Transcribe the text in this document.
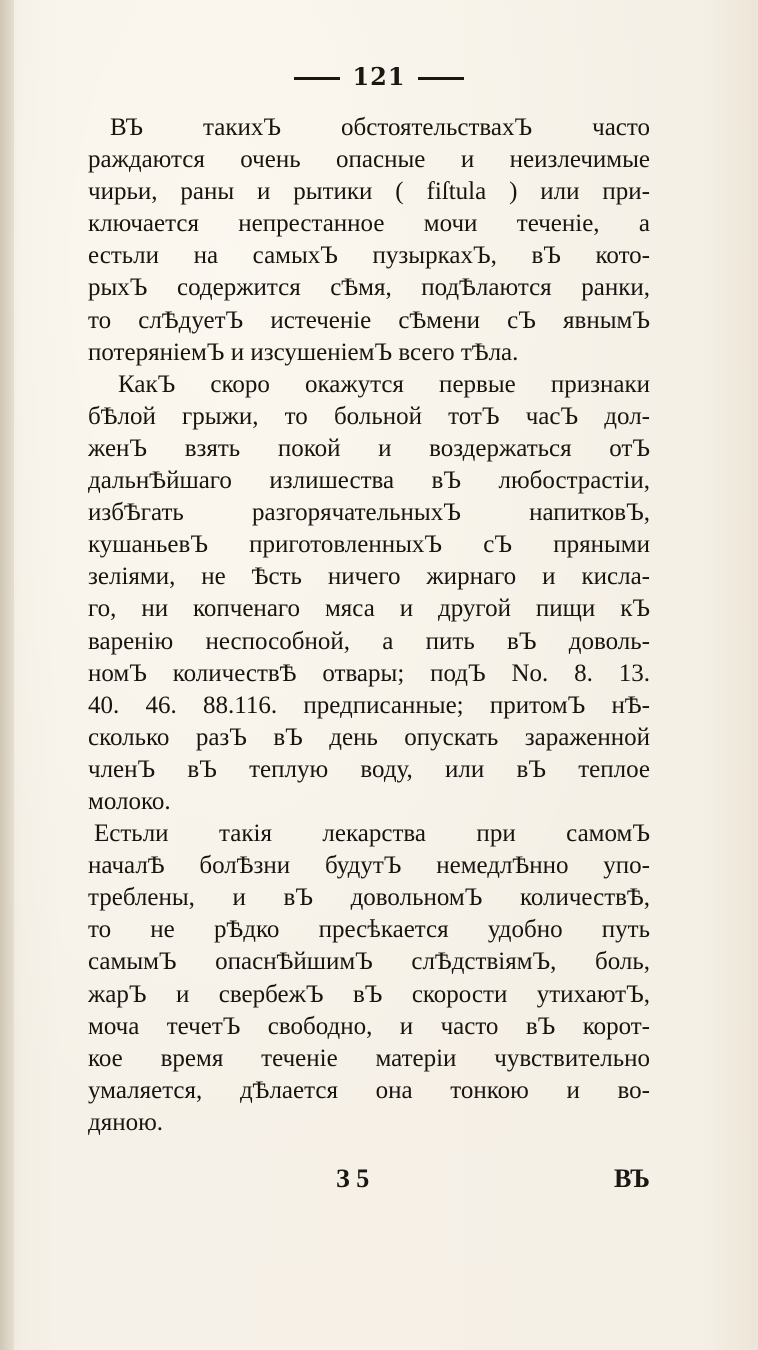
121
ВЪ такихЪ обстоятельствахЪ часто
раждаются очень опасные и неизлечимые
чирьи, раны и рытики ( fiſtula ) или при-
ключается непрестанное мочи теченіе, а
естьли на самыхЪ пузыркахЪ, вЪ кото-
рыхЪ содержится сѢмя, подѢлаются ранки,
то слѢдуетЪ истеченіе сѢмени сЪ явнымЪ
потеряніемЪ и изсушеніемЪ всего тѢла.
КакЪ скоро окажутся первые признаки
бѢлой грыжи, то больной тотЪ часЪ дол-
женЪ взять покой и воздержаться отЪ
дальнѢйшаго излишества вЪ любострастіи,
избѢгать разгорячательныхЪ напитковЪ,
кушаньевЪ приготовленныхЪ сЪ пряными
зеліями, не Ѣсть ничего жирнаго и кисла-
го, ни копченаго мяса и другой пищи кЪ
варенію неспособной, а пить вЪ доволь-
номЪ количествѢ отвары; подЪ No. 8. 13.
40. 46. 88.116. предписанные; притомЪ нѢ-
сколько разЪ вЪ день опускать зараженной
членЪ вЪ теплую воду, или вЪ теплое
молоко.
Естьли такія лекарства при самомЪ
началѢ болѢзни будутЪ немедлѢнно упо-
треблены, и вЪ довольномЪ количествѢ,
то не рѢдко пресѣкается удобно путь
самымЪ опаснѢйшимЪ слѢдствіямЪ, боль,
жарЪ и свербежЪ вЪ скорости утихаютЪ,
моча течетЪ свободно, и часто вЪ корот-
кое время теченіе матеріи чувствительно
умаляется, дѢлается она тонкою и во-
дяною.
З 5	ВЪ
